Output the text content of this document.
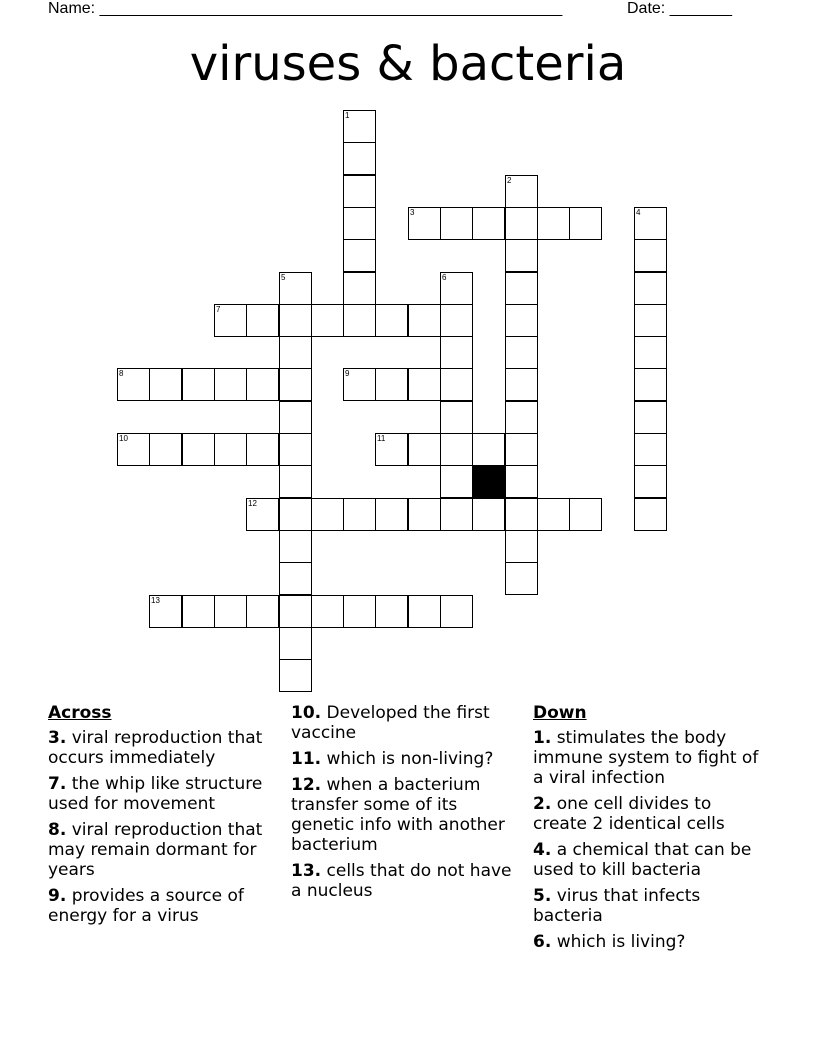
Name: ____________________________________________________	Date: _______
viruses & bacteria
1
2
3	4
5	6
7
8	9
10	11
12
13
Across
3. viral reproduction that occurs immediately
7. the whip like structure used for movement
8. viral reproduction that may remain dormant for years
9. provides a source of energy for a virus
10. Developed the first vaccine
11. which is non-living?
12. when a bacterium transfer some of its genetic info with another bacterium
13. cells that do not have a nucleus
Down
1. stimulates the body immune system to fight of a viral infection
2. one cell divides to create 2 identical cells
4. a chemical that can be used to kill bacteria
5. virus that infects bacteria
6. which is living?
